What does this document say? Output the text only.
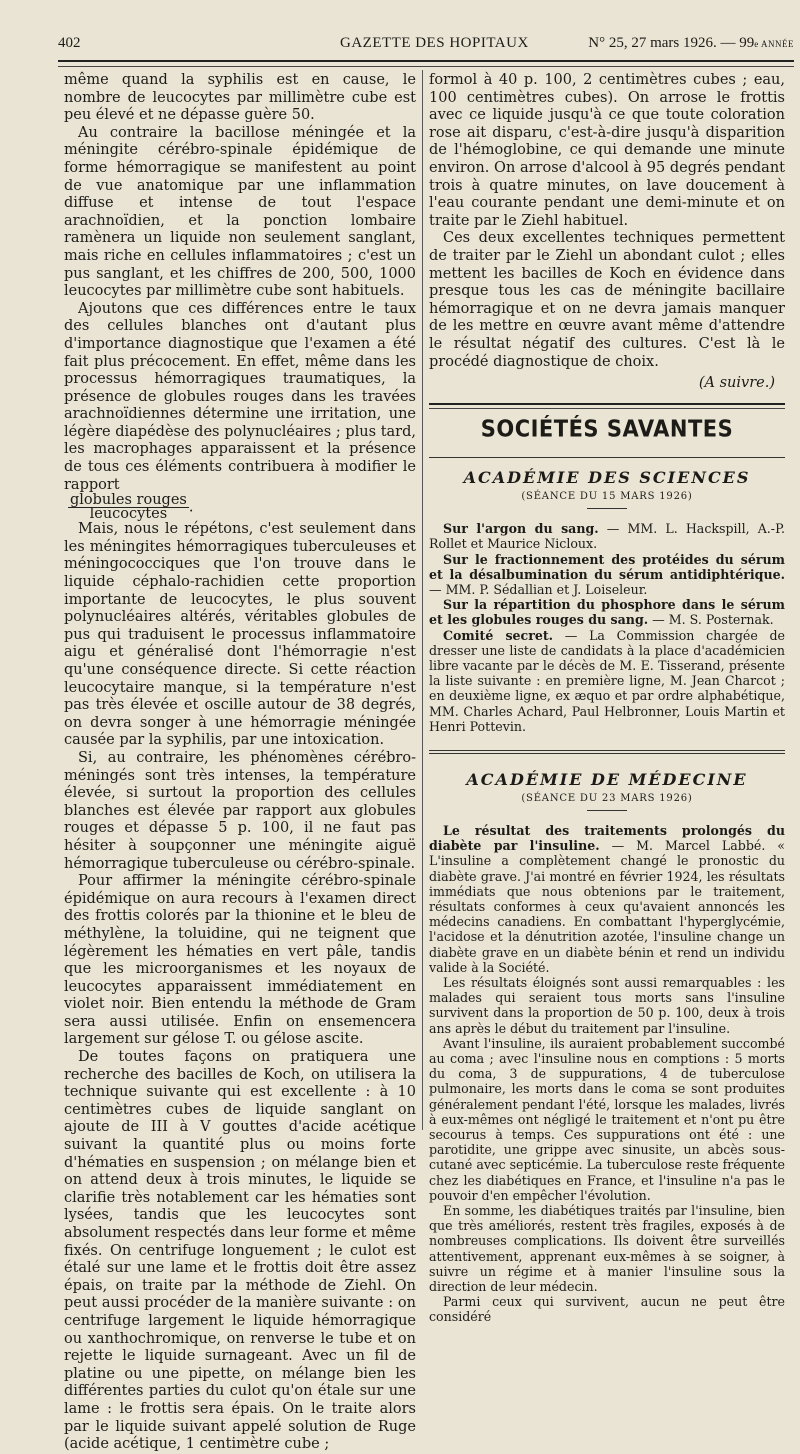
402	GAZETTE DES HOPITAUX	N° 25, 27 mars 1926. — 99e ANNÉE

même quand la syphilis est en cause, le nombre de leucocytes par millimètre cube est peu élevé et ne dépasse guère 50.

Au contraire la bacillose méningée et la méningite cérébro-spinale épidémique de forme hémorragique se manifestent au point de vue anatomique par une inflammation diffuse et intense de tout l'espace arachnoïdien, et la ponction lombaire ramènera un liquide non seulement sanglant, mais riche en cellules inflammatoires ; c'est un pus sanglant, et les chiffres de 200, 500, 1000 leucocytes par millimètre cube sont habituels.

Ajoutons que ces différences entre le taux des cellules blanches ont d'autant plus d'importance diagnostique que l'examen a été fait plus précocement. En effet, même dans les processus hémorragiques traumatiques, la présence de globules rouges dans les travées arachnoïdiennes détermine une irritation, une légère diapédèse des polynucléaires ; plus tard, les macrophages apparaissent et la présence de tous ces éléments contribuera à modifier le rapport

$\frac{\text{globules rouges}}{\text{leucocytes}}$ .

Mais, nous le répétons, c'est seulement dans les méningites hémorragiques tuberculeuses et méningococciques que l'on trouve dans le liquide céphalo-rachidien cette proportion importante de leucocytes, le plus souvent polynucléaires altérés, véritables globules de pus qui traduisent le processus inflammatoire aigu et généralisé dont l'hémorragie n'est qu'une conséquence directe. Si cette réaction leucocytaire manque, si la température n'est pas très élevée et oscille autour de 38 degrés, on devra songer à une hémorragie méningée causée par la syphilis, par une intoxication.

Si, au contraire, les phénomènes cérébro-méningés sont très intenses, la température élevée, si surtout la proportion des cellules blanches est élevée par rapport aux globules rouges et dépasse 5 p. 100, il ne faut pas hésiter à soupçonner une méningite aiguë hémorragique tuberculeuse ou cérébro-spinale.

Pour affirmer la méningite cérébro-spinale épidémique on aura recours à l'examen direct des frottis colorés par la thionine et le bleu de méthylène, la toluidine, qui ne teignent que légèrement les hématies en vert pâle, tandis que les microorganismes et les noyaux de leucocytes apparaissent immédiatement en violet noir. Bien entendu la méthode de Gram sera aussi utilisée. Enfin on ensemencera largement sur gélose T. ou gélose ascite.

De toutes façons on pratiquera une recherche des bacilles de Koch, on utilisera la technique suivante qui est excellente : à 10 centimètres cubes de liquide sanglant on ajoute de III à V gouttes d'acide acétique suivant la quantité plus ou moins forte d'hématies en suspension ; on mélange bien et on attend deux à trois minutes, le liquide se clarifie très notablement car les hématies sont lysées, tandis que les leucocytes sont absolument respectés dans leur forme et même fixés. On centrifuge longuement ; le culot est étalé sur une lame et le frottis doit être assez épais, on traite par la méthode de Ziehl. On peut aussi procéder de la manière suivante : on centrifuge largement le liquide hémorragique ou xanthochromique, on renverse le tube et on rejette le liquide surnageant. Avec un fil de platine ou une pipette, on mélange bien les différentes parties du culot qu'on étale sur une lame : le frottis sera épais. On le traite alors par le liquide suivant appelé solution de Ruge (acide acétique, 1 centimètre cube ;

formol à 40 p. 100, 2 centimètres cubes ; eau, 100 centimètres cubes). On arrose le frottis avec ce liquide jusqu'à ce que toute coloration rose ait disparu, c'est-à-dire jusqu'à disparition de l'hémoglobine, ce qui demande une minute environ. On arrose d'alcool à 95 degrés pendant trois à quatre minutes, on lave doucement à l'eau courante pendant une demi-minute et on traite par le Ziehl habituel.

Ces deux excellentes techniques permettent de traiter par le Ziehl un abondant culot ; elles mettent les bacilles de Koch en évidence dans presque tous les cas de méningite bacillaire hémorragique et on ne devra jamais manquer de les mettre en œuvre avant même d'attendre le résultat négatif des cultures. C'est là le procédé diagnostique de choix.

(A suivre.)
SOCIÉTÉS SAVANTES
ACADÉMIE DES SCIENCES
(SÉANCE DU 15 MARS 1926)

Sur l'argon du sang. — MM. L. Hackspill, A.-P. Rollet et Maurice Nicloux.

Sur le fractionnement des protéides du sérum et la désalbumination du sérum antidiphtérique. — MM. P. Sédallian et J. Loiseleur.

Sur la répartition du phosphore dans le sérum et les globules rouges du sang. — M. S. Posternak.

Comité secret. — La Commission chargée de dresser une liste de candidats à la place d'académicien libre vacante par le décès de M. E. Tisserand, présente la liste suivante : en première ligne, M. Jean Charcot ; en deuxième ligne, ex æquo et par ordre alphabétique, MM. Charles Achard, Paul Helbronner, Louis Martin et Henri Pottevin.

ACADÉMIE DE MÉDECINE
(SÉANCE DU 23 MARS 1926)

Le résultat des traitements prolongés du diabète par l'insuline. — M. Marcel Labbé. « L'insuline a complètement changé le pronostic du diabète grave. J'ai montré en février 1924, les résultats immédiats que nous obtenions par le traitement, résultats conformes à ceux qu'avaient annoncés les médecins canadiens. En combattant l'hyperglycémie, l'acidose et la dénutrition azotée, l'insuline change un diabète grave en un diabète bénin et rend un individu valide à la Société.

Les résultats éloignés sont aussi remarquables : les malades qui seraient tous morts sans l'insuline survivent dans la proportion de 50 p. 100, deux à trois ans après le début du traitement par l'insuline.

Avant l'insuline, ils auraient probablement succombé au coma ; avec l'insuline nous en comptions : 5 morts du coma, 3 de suppurations, 4 de tuberculose pulmonaire, les morts dans le coma se sont produites généralement pendant l'été, lorsque les malades, livrés à eux-mêmes ont négligé le traitement et n'ont pu être secourus à temps. Ces suppurations ont été : une parotidite, une grippe avec sinusite, un abcès sous-cutané avec septicémie. La tuberculose reste fréquente chez les diabétiques en France, et l'insuline n'a pas le pouvoir d'en empêcher l'évolution.

En somme, les diabétiques traités par l'insuline, bien que très améliorés, restent très fragiles, exposés à de nombreuses complications. Ils doivent être surveillés attentivement, apprenant eux-mêmes à se soigner, à suivre un régime et à manier l'insuline sous la direction de leur médecin.

Parmi ceux qui survivent, aucun ne peut être considéré
